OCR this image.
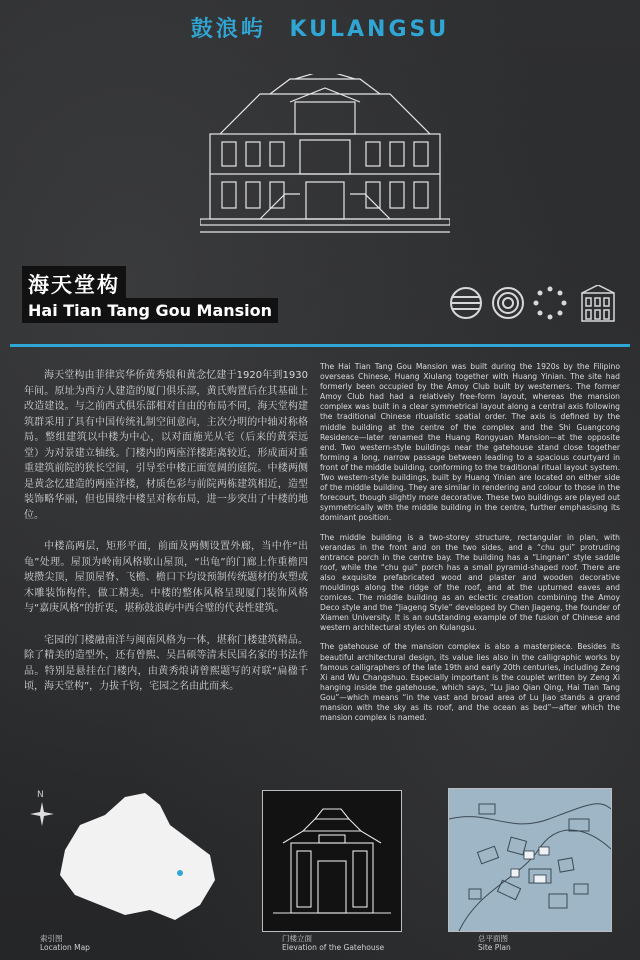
鼓浪屿 KULANGSU
海天堂构
Hai Tian Tang Gou Mansion

海天堂构由菲律宾华侨黄秀烺和黄念忆建于1920年到1930年间。原址为西方人建造的厦门俱乐部，黄氏购置后在其基础上改造建设。与之前西式俱乐部相对自由的布局不同，海天堂构建筑群采用了具有中国传统礼制空间意向，主次分明的中轴对称格局。整组建筑以中楼为中心，以对面施光从宅（后来的黄荣远堂）为对景建立轴线。门楼内的两座洋楼距离较近，形成面对重重建筑前院的狭长空间，引导至中楼正面宽阔的庭院。中楼两侧是黄念忆建造的两座洋楼，材质色彩与前院两栋建筑相近，造型装饰略华丽，但也围绕中楼呈对称布局，进一步突出了中楼的地位。

中楼高两层，矩形平面，前面及两侧设置外廊，当中作“出龟”处理。屋顶为岭南风格歇山屋顶，“出龟”的门廊上作重檐四坡攒尖顶，屋顶屋脊、飞檐、檐口下均设预制传统题材的灰塑或木雕装饰构件，做工精美。中楼的整体风格呈现厦门装饰风格与“嘉庚风格”的折衷，堪称鼓浪屿中西合璧的代表性建筑。

宅园的门楼融南洋与闽南风格为一体，堪称门楼建筑精品。除了精美的造型外，还有曾熙、吴昌硕等清末民国名家的书法作品。特别是悬挂在门楼内，由黄秀烺请曾熙题写的对联“扁楹千顷，海天堂构”，力拔千钧，宅园之名由此而来。

The Hai Tian Tang Gou Mansion was built during the 1920s by the Filipino overseas Chinese, Huang Xiulang together with Huang Yinian. The site had formerly been occupied by the Amoy Club built by westerners. The former Amoy Club had had a relatively free-form layout, whereas the mansion complex was built in a clear symmetrical layout along a central axis following the traditional Chinese ritualistic spatial order. The axis is defined by the middle building at the centre of the complex and the Shi Guangcong Residence—later renamed the Huang Rongyuan Mansion—at the opposite end. Two western-style buildings near the gatehouse stand close together forming a long, narrow passage between leading to a spacious courtyard in front of the middle building, conforming to the traditional ritual layout system. Two western-style buildings, built by Huang Yinian are located on either side of the middle building. They are similar in rendering and colour to those in the forecourt, though slightly more decorative. These two buildings are played out symmetrically with the middle building in the centre, further emphasising its dominant position.

The middle building is a two-storey structure, rectangular in plan, with verandas in the front and on the two sides, and a “chu gui” protruding entrance porch in the centre bay. The building has a “Lingnan” style saddle roof, while the “chu gui” porch has a small pyramid-shaped roof. There are also exquisite prefabricated wood and plaster and wooden decorative mouldings along the ridge of the roof, and at the upturned eaves and cornices. The middle building as an eclectic creation combining the Amoy Deco style and the “Jiageng Style” developed by Chen Jiageng, the founder of Xiamen University. It is an outstanding example of the fusion of Chinese and western architectural styles on Kulangsu.

The gatehouse of the mansion complex is also a masterpiece. Besides its beautiful architectural design, its value lies also in the calligraphic works by famous calligraphers of the late 19th and early 20th centuries, including Zeng Xi and Wu Changshuo. Especially important is the couplet written by Zeng Xi hanging inside the gatehouse, which says, “Lu Jiao Qian Qing, Hai Tian Tang Gou”—which means “in the vast and broad area of Lu Jiao stands a grand mansion with the sky as its roof, and the ocean as bed”—after which the mansion complex is named.

N
索引图
Location Map
门楼立面
Elevation of the Gatehouse
总平面图
Site Plan
